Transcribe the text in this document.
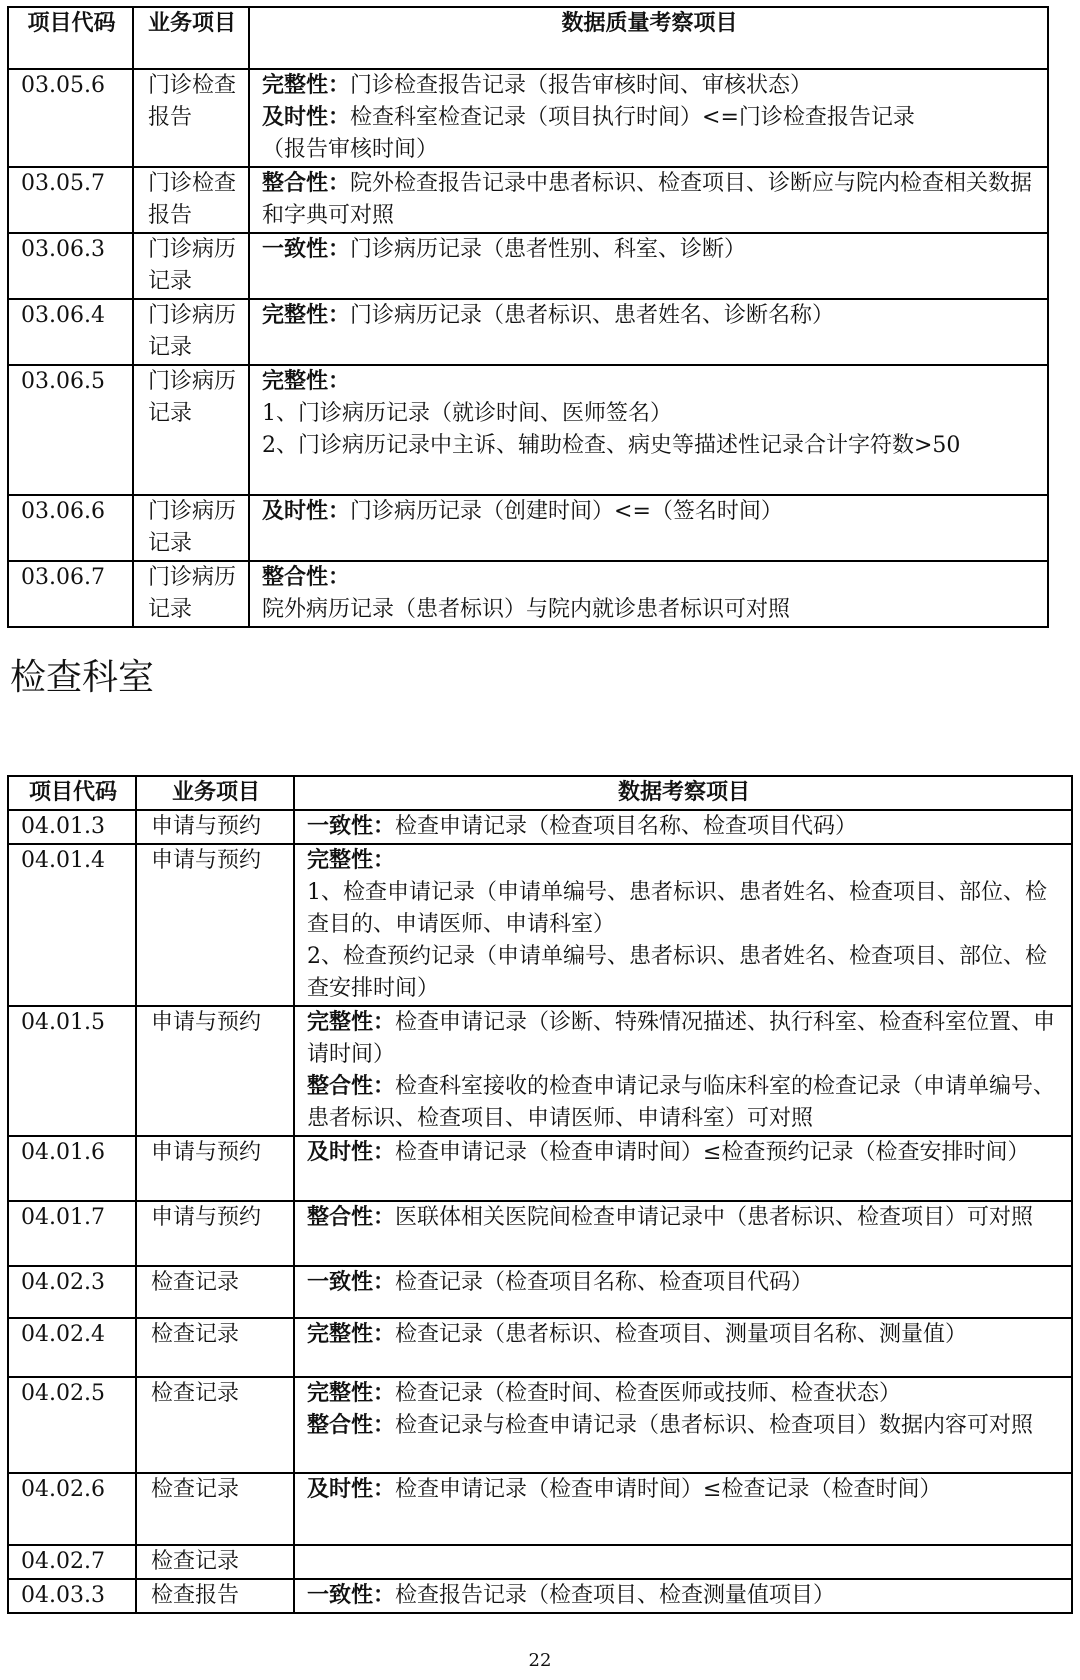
项目代码	业务项目	数据质量考察项目
03.05.6	门诊检查报告	完整性：门诊检查报告记录（报告审核时间、审核状态）
及时性：检查科室检查记录（项目执行时间）<=门诊检查报告记录
（报告审核时间）

03.05.7	门诊检查报告	整合性：院外检查报告记录中患者标识、检查项目、诊断应与院内检查相关数据和字典可对照

03.06.3	门诊病历记录	一致性：门诊病历记录（患者性别、科室、诊断）

03.06.4	门诊病历记录	完整性：门诊病历记录（患者标识、患者姓名、诊断名称）

03.06.5	门诊病历记录	完整性：
1、门诊病历记录（就诊时间、医师签名）
2、门诊病历记录中主诉、辅助检查、病史等描述性记录合计字符数>50

03.06.6	门诊病历记录	及时性：门诊病历记录（创建时间）<=（签名时间）

03.06.7	门诊病历记录	整合性：
院外病历记录（患者标识）与院内就诊患者标识可对照
检查科室
项目代码	业务项目	数据考察项目
04.01.3	申请与预约	一致性：检查申请记录（检查项目名称、检查项目代码）

04.01.4	申请与预约	完整性：
1、检查申请记录（申请单编号、患者标识、患者姓名、检查项目、部位、检查目的、申请医师、申请科室）
2、检查预约记录（申请单编号、患者标识、患者姓名、检查项目、部位、检查安排时间）

04.01.5	申请与预约	完整性：检查申请记录（诊断、特殊情况描述、执行科室、检查科室位置、申请时间）
整合性：检查科室接收的检查申请记录与临床科室的检查记录（申请单编号、患者标识、检查项目、申请医师、申请科室）可对照

04.01.6	申请与预约	及时性：检查申请记录（检查申请时间）≤检查预约记录（检查安排时间）

04.01.7	申请与预约	整合性：医联体相关医院间检查申请记录中（患者标识、检查项目）可对照

04.02.3	检查记录	一致性：检查记录（检查项目名称、检查项目代码）

04.02.4	检查记录	完整性：检查记录（患者标识、检查项目、测量项目名称、测量值）

04.02.5	检查记录	完整性：检查记录（检查时间、检查医师或技师、检查状态）
整合性：检查记录与检查申请记录（患者标识、检查项目）数据内容可对照

04.02.6	检查记录	及时性：检查申请记录（检查申请时间）≤检查记录（检查时间）

04.02.7	检查记录	
04.03.3	检查报告	一致性：检查报告记录（检查项目、检查测量值项目）
22
